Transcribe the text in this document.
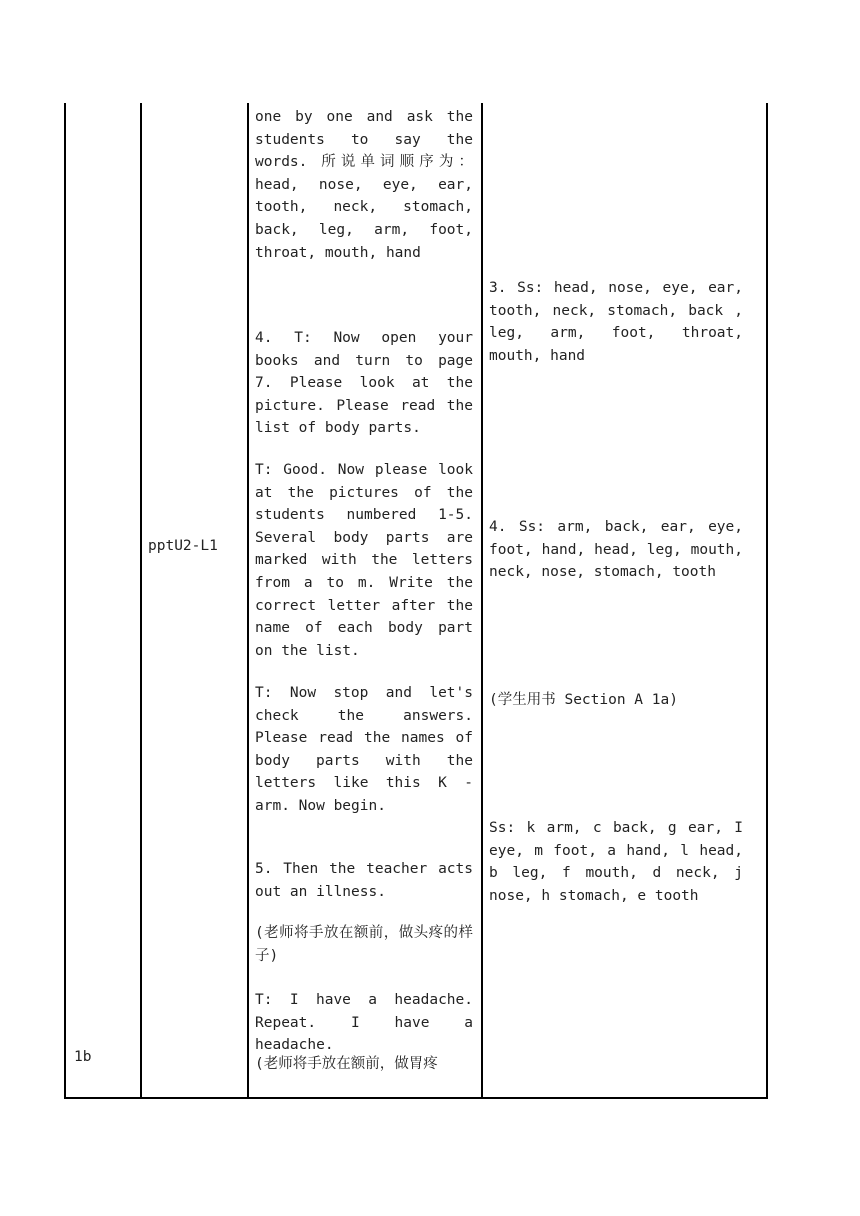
1b
pptU2-L1
one by one and ask the students to say the words. 所说单词顺序为：head, nose, eye, ear, tooth, neck, stomach, back, leg, arm, foot, throat, mouth, hand
4. T: Now open your books and turn to page 7. Please look at the picture. Please read the list of body parts.
T: Good. Now please look at the pictures of the students numbered 1-5. Several body parts are marked with the letters from a to m. Write the correct letter after the name of each body part on the list.
T: Now stop and let's check the answers. Please read the names of body parts with the letters like this K - arm. Now begin.
5. Then the teacher acts out an illness.
(老师将手放在额前，做头疼的样子)
T: I have a headache. Repeat. I have a headache.
(老师将手放在额前，做胃疼
3. Ss: head, nose, eye, ear, tooth, neck, stomach, back , leg, arm, foot, throat, mouth, hand
4. Ss: arm, back, ear, eye, foot, hand, head, leg, mouth, neck, nose, stomach, tooth
(学生用书 Section A 1a)
Ss: k arm, c back, g ear, I eye, m foot, a hand, l head, b leg, f mouth, d neck, j nose, h stomach, e tooth
